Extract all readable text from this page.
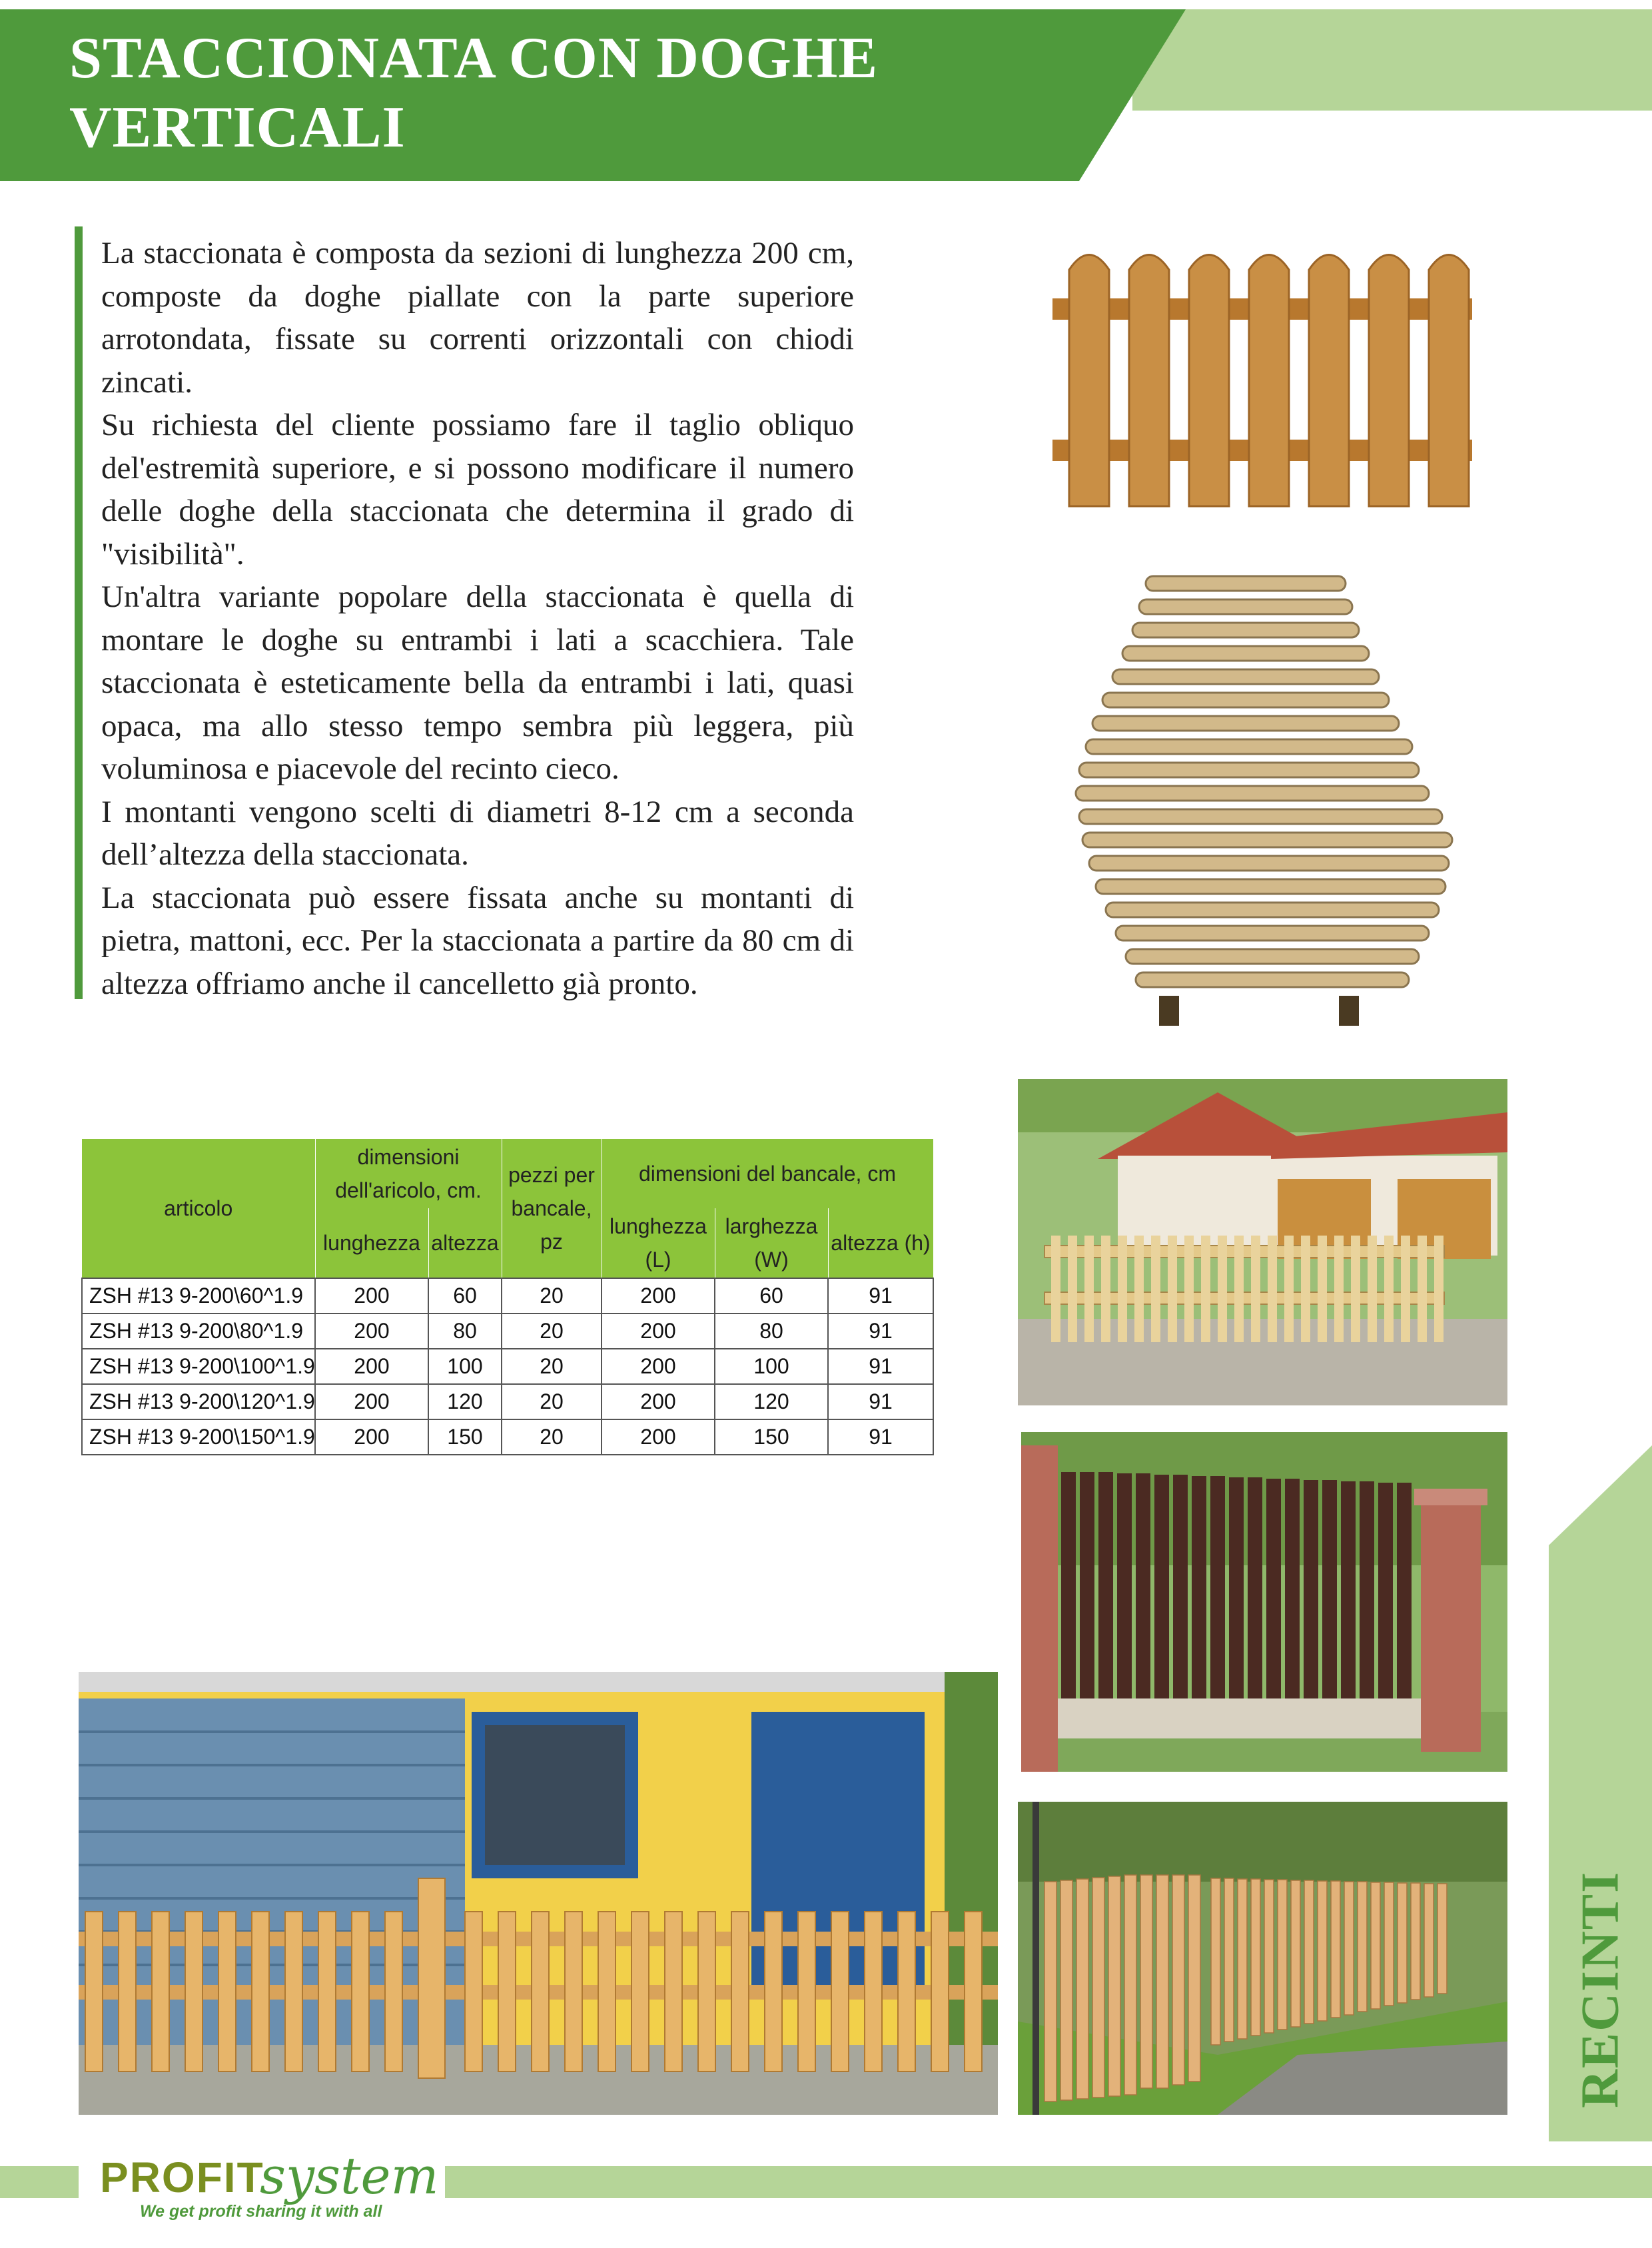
STACCIONATA CON DOGHE VERTICALI

La staccionata è composta da sezioni di lunghezza 200 cm, composte da doghe piallate con la parte superiore arrotondata, fissate su correnti orizzontali con chiodi zincati.

Su richiesta del cliente possiamo fare il taglio obliquo del'estremità superiore, e si possono modificare il numero delle doghe della staccionata che determina il grado di "visibilità".

Un'altra variante popolare della staccionata è quella di montare le doghe su entrambi i lati a scacchiera. Tale staccionata è esteticamente bella da entrambi i lati, quasi opaca, ma allo stesso tempo sembra più leggera, più voluminosa e piacevole del recinto cieco.

I montanti vengono scelti di diametri 8-12 cm a seconda dell’altezza della staccionata.

La staccionata può essere fissata anche su montanti di pietra, mattoni, ecc. Per la staccionata a partire da 80 cm di altezza offriamo anche il cancelletto già pronto.

articolo	dimensioni dell'aricolo, cm.		pezzi per bancale, pz	dimensioni del bancale, cm		
	lunghezza	altezza		lunghezza (L)	larghezza (W)	altezza (h)
ZSH #13 9-200\60^1.9	200	60	20	200	60	91
ZSH #13 9-200\80^1.9	200	80	20	200	80	91
ZSH #13 9-200\100^1.9	200	100	20	200	100	91
ZSH #13 9-200\120^1.9	200	120	20	200	120	91
ZSH #13 9-200\150^1.9	200	150	20	200	150	91
RECINTI
PROFIT
system
We get profit sharing it with all
